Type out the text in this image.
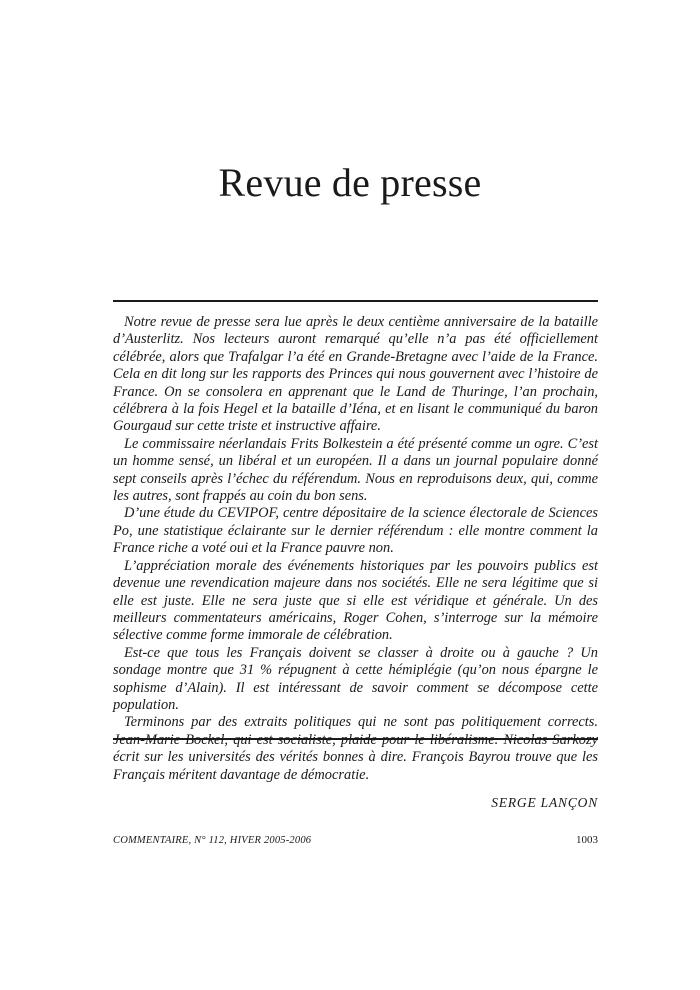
Revue de presse

Notre revue de presse sera lue après le deux centième anniversaire de la bataille d’Austerlitz. Nos lecteurs auront remarqué qu’elle n’a pas été officiellement célébrée, alors que Trafalgar l’a été en Grande-Bretagne avec l’aide de la France. Cela en dit long sur les rapports des Princes qui nous gouvernent avec l’histoire de France. On se consolera en apprenant que le Land de Thuringe, l’an prochain, célébrera à la fois Hegel et la bataille d’Iéna, et en lisant le communiqué du baron Gourgaud sur cette triste et instructive affaire.

Le commissaire néerlandais Frits Bolkestein a été présenté comme un ogre. C’est un homme sensé, un libéral et un européen. Il a dans un journal populaire donné sept conseils après l’échec du référendum. Nous en reproduisons deux, qui, comme les autres, sont frappés au coin du bon sens.

D’une étude du CEVIPOF, centre dépositaire de la science électorale de Sciences Po, une statistique éclairante sur le dernier référendum : elle montre comment la France riche a voté oui et la France pauvre non.

L’appréciation morale des événements historiques par les pouvoirs publics est devenue une revendication majeure dans nos sociétés. Elle ne sera légitime que si elle est juste. Elle ne sera juste que si elle est véridique et générale. Un des meilleurs commentateurs américains, Roger Cohen, s’interroge sur la mémoire sélective comme forme immorale de célébration.

Est-ce que tous les Français doivent se classer à droite ou à gauche ? Un sondage montre que 31 % répugnent à cette hémiplégie (qu’on nous épargne le sophisme d’Alain). Il est intéressant de savoir comment se décompose cette population.

Terminons par des extraits politiques qui ne sont pas politiquement corrects. Jean-Marie Bockel, qui est socialiste, plaide pour le libéralisme. Nicolas Sarkozy écrit sur les universités des vérités bonnes à dire. François Bayrou trouve que les Français méritent davantage de démocratie.

SERGE LANÇON
COMMENTAIRE, N° 112, HIVER 2005-2006	1003
